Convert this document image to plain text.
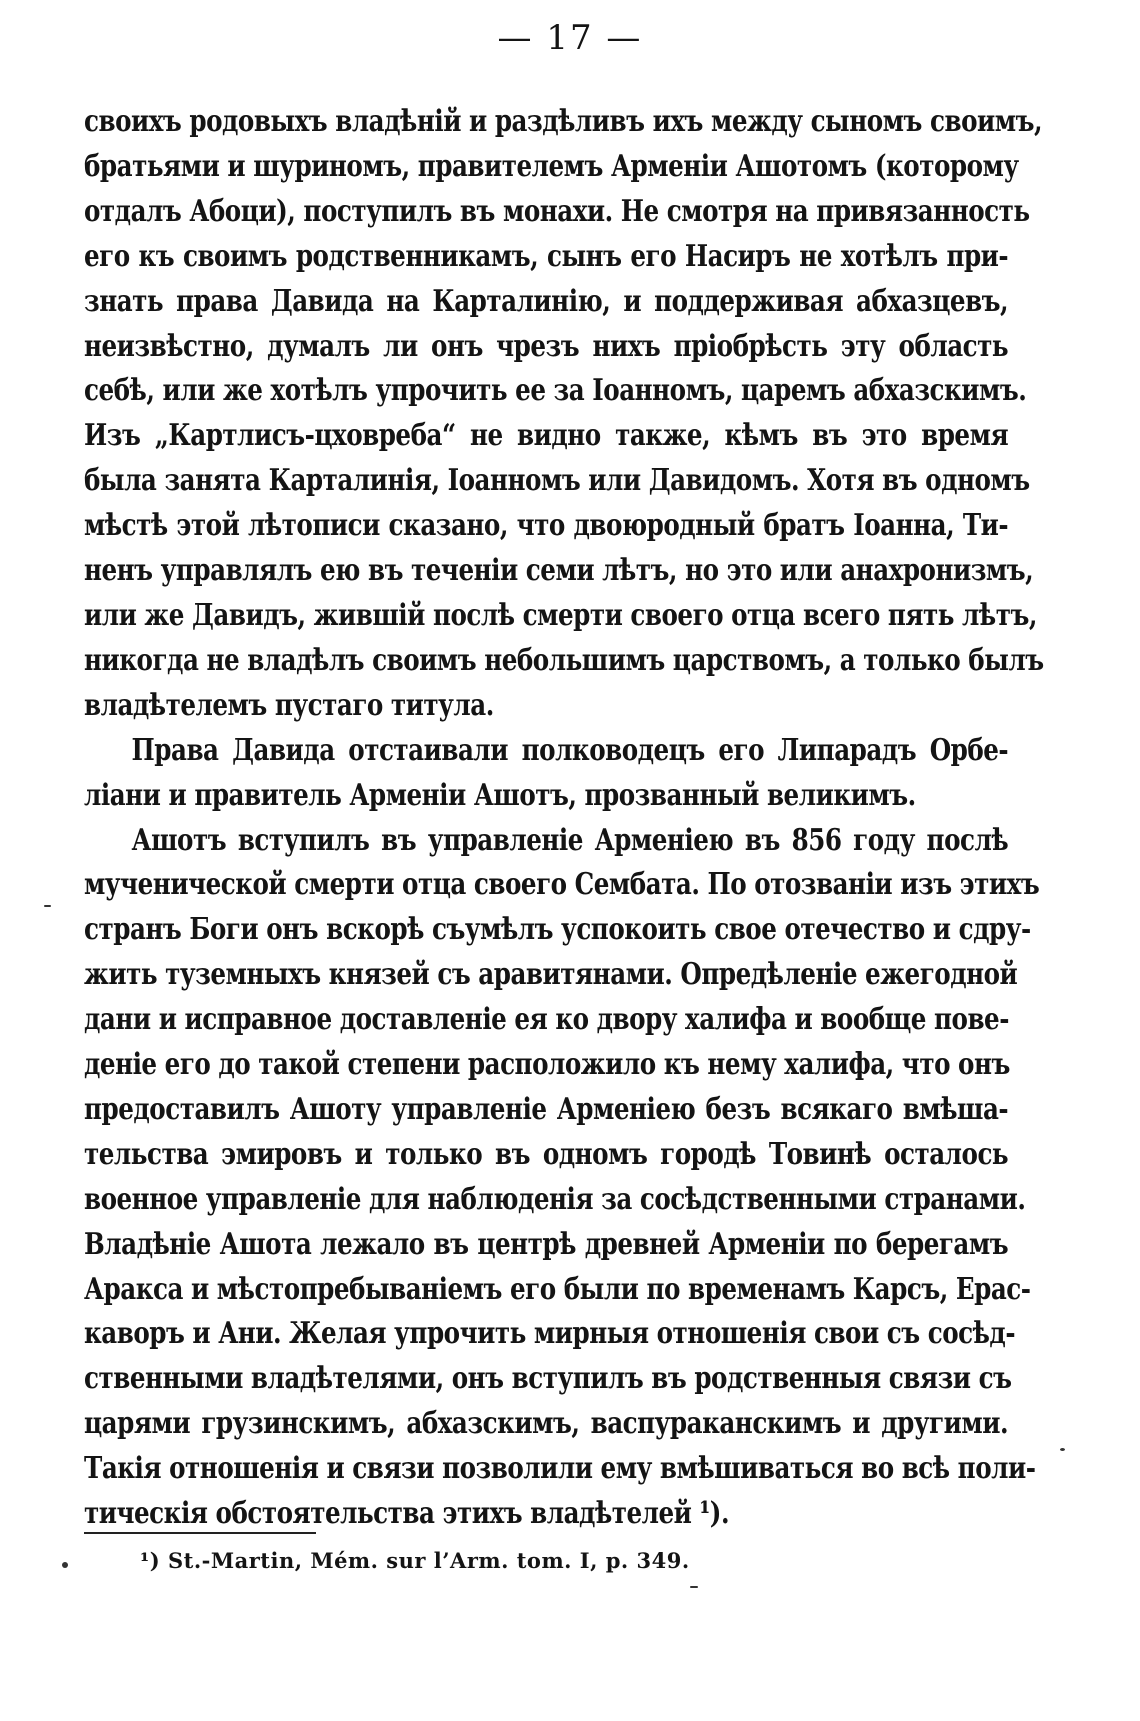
— 17 —
своихъ родовыхъ владѣній и раздѣливъ ихъ между сыномъ своимъ,
братьями и шуриномъ, правителемъ Арменіи Ашотомъ (которому
отдалъ Абоци), поступилъ въ монахи. Не смотря на привязанность
его къ своимъ родственникамъ, сынъ его Насиръ не хотѣлъ при-
знать права Давида на Карталинію, и поддерживая абхазцевъ,
неизвѣстно, думалъ ли онъ чрезъ нихъ пріобрѣсть эту область
себѣ, или же хотѣлъ упрочить ее за Іоанномъ, царемъ абхазскимъ.
Изъ „Картлисъ-цховреба“ не видно также, кѣмъ въ это время
была занята Карталинія, Іоанномъ или Давидомъ. Хотя въ одномъ
мѣстѣ этой лѣтописи сказано, что двоюродный братъ Іоанна, Ти-
ненъ управлялъ ею въ теченіи семи лѣтъ, но это или анахронизмъ,
или же Давидъ, жившій послѣ смерти своего отца всего пять лѣтъ,
никогда не владѣлъ своимъ небольшимъ царствомъ, а только былъ
владѣтелемъ пустаго титула.
Права Давида отстаивали полководецъ его Липарадъ Орбе-
ліани и правитель Арменіи Ашотъ, прозванный великимъ.
Ашотъ вступилъ въ управленіе Арменіею въ 856 году послѣ
мученической смерти отца своего Сембата. По отозваніи изъ этихъ
странъ Боги онъ вскорѣ съумѣлъ успокоить свое отечество и сдру-
жить туземныхъ князей съ аравитянами. Опредѣленіе ежегодной
дани и исправное доставленіе ея ко двору халифа и вообще пове-
деніе его до такой степени расположило къ нему халифа, что онъ
предоставилъ Ашоту управленіе Арменіею безъ всякаго вмѣша-
тельства эмировъ и только въ одномъ городѣ Товинѣ осталось
военное управленіе для наблюденія за сосѣдственными странами.
Владѣніе Ашота лежало въ центрѣ древней Арменіи по берегамъ
Аракса и мѣстопребываніемъ его были по временамъ Карсъ, Ерас-
каворъ и Ани. Желая упрочить мирныя отношенія свои съ сосѣд-
ственными владѣтелями, онъ вступилъ въ родственныя связи съ
царями грузинскимъ, абхазскимъ, васпураканскимъ и другими.
Такія отношенія и связи позволили ему вмѣшиваться во всѣ поли-
тическія обстоятельства этихъ владѣтелей ¹).
¹) St.-Martin, Mém. sur l’Arm. tom. I, p. 349.
